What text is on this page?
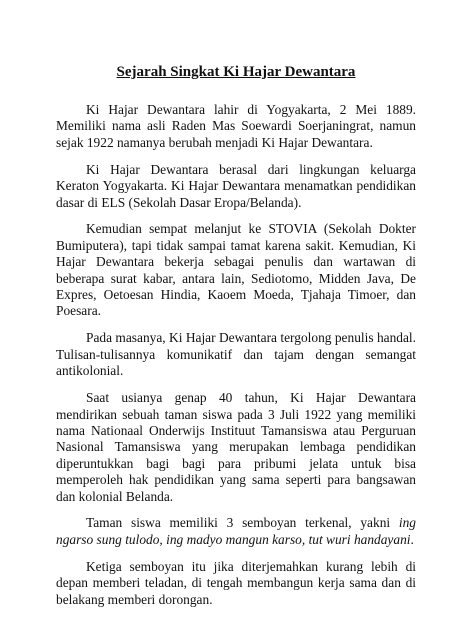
Sejarah Singkat Ki Hajar Dewantara

Ki Hajar Dewantara lahir di Yogyakarta, 2 Mei 1889. Memiliki nama asli Raden Mas Soewardi Soerjaningrat, namun sejak 1922 namanya berubah menjadi Ki Hajar Dewantara.

Ki Hajar Dewantara berasal dari lingkungan keluarga Keraton Yogyakarta. Ki Hajar Dewantara menamatkan pendidikan dasar di ELS (Sekolah Dasar Eropa/Belanda).

Kemudian sempat melanjut ke STOVIA (Sekolah Dokter Bumiputera), tapi tidak sampai tamat karena sakit. Kemudian, Ki Hajar Dewantara bekerja sebagai penulis dan wartawan di beberapa surat kabar, antara lain, Sediotomo, Midden Java, De Expres, Oetoesan Hindia, Kaoem Moeda, Tjahaja Timoer, dan Poesara.

Pada masanya, Ki Hajar Dewantara tergolong penulis handal. Tulisan-tulisannya komunikatif dan tajam dengan semangat antikolonial.

Saat usianya genap 40 tahun, Ki Hajar Dewantara mendirikan sebuah taman siswa pada 3 Juli 1922 yang memiliki nama Nationaal Onderwijs Instituut Tamansiswa atau Perguruan Nasional Tamansiswa yang merupakan lembaga pendidikan diperuntukkan bagi bagi para pribumi jelata untuk bisa memperoleh hak pendidikan yang sama seperti para bangsawan dan kolonial Belanda.

Taman siswa memiliki 3 semboyan terkenal, yakni ing ngarso sung tulodo, ing madyo mangun karso, tut wuri handayani.

Ketiga semboyan itu jika diterjemahkan kurang lebih di depan memberi teladan, di tengah membangun kerja sama dan di belakang memberi dorongan.
